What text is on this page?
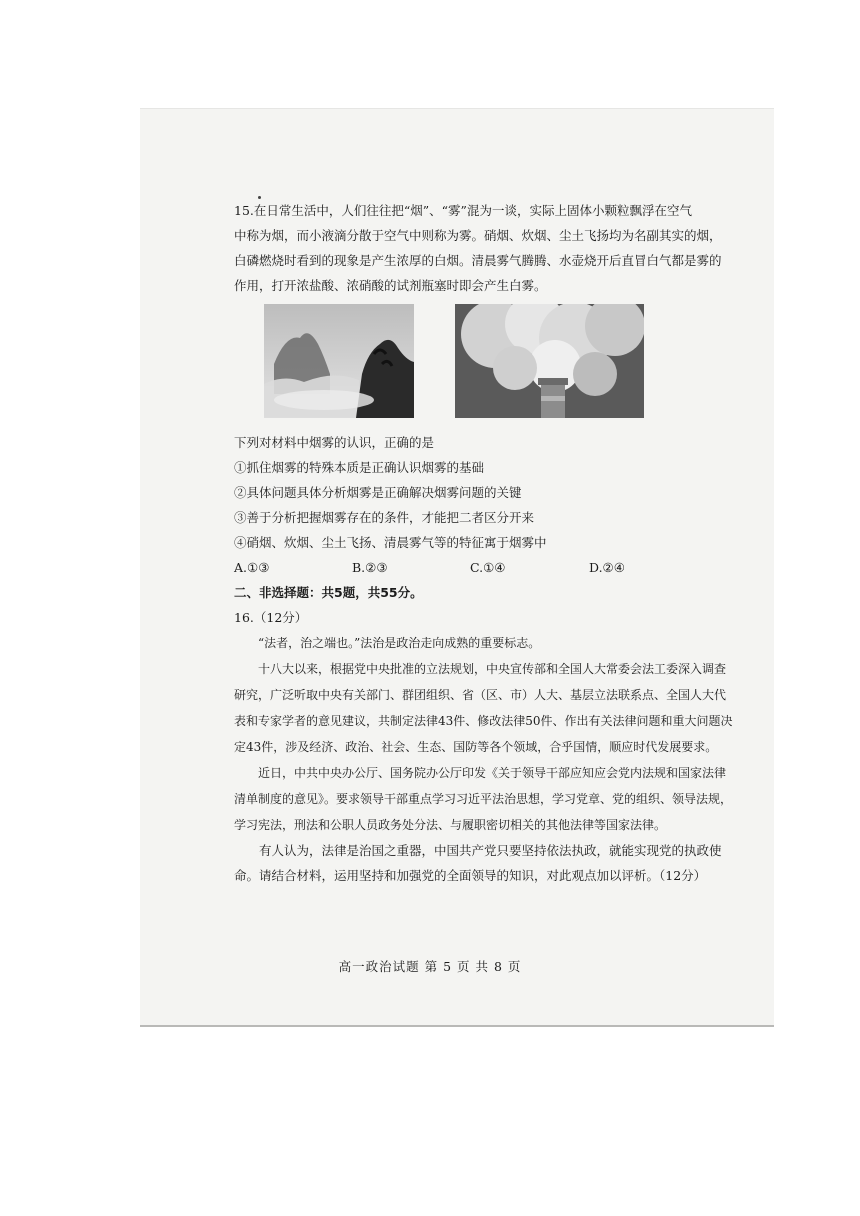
15.在日常生活中，人们往往把“烟”、“雾”混为一谈，实际上固体小颗粒飘浮在空气

中称为烟，而小液滴分散于空气中则称为雾。硝烟、炊烟、尘土飞扬均为名副其实的烟，

白磷燃烧时看到的现象是产生浓厚的白烟。清晨雾气腾腾、水壶烧开后直冒白气都是雾的

作用，打开浓盐酸、浓硝酸的试剂瓶塞时即会产生白雾。

下列对材料中烟雾的认识，正确的是

①抓住烟雾的特殊本质是正确认识烟雾的基础

②具体问题具体分析烟雾是正确解决烟雾问题的关键

③善于分析把握烟雾存在的条件，才能把二者区分开来

④硝烟、炊烟、尘土飞扬、清晨雾气等的特征寓于烟雾中

A.①③	B.②③	C.①④	D.②④

二、非选择题：共5题，共55分。

16.（12分）

“法者，治之端也。”法治是政治走向成熟的重要标志。

十八大以来，根据党中央批准的立法规划，中央宣传部和全国人大常委会法工委深入调查研究，广泛听取中央有关部门、群团组织、省（区、市）人大、基层立法联系点、全国人大代表和专家学者的意见建议，共制定法律43件、修改法律50件、作出有关法律问题和重大问题决定43件，涉及经济、政治、社会、生态、国防等各个领域，合乎国情，顺应时代发展要求。

近日，中共中央办公厅、国务院办公厅印发《关于领导干部应知应会党内法规和国家法律清单制度的意见》。要求领导干部重点学习习近平法治思想，学习党章、党的组织、领导法规，学习宪法，刑法和公职人员政务处分法、与履职密切相关的其他法律等国家法律。

有人认为，法律是治国之重器，中国共产党只要坚持依法执政，就能实现党的执政使命。请结合材料，运用坚持和加强党的全面领导的知识，对此观点加以评析。（12分）

高一政治试题 第 5 页 共 8 页
